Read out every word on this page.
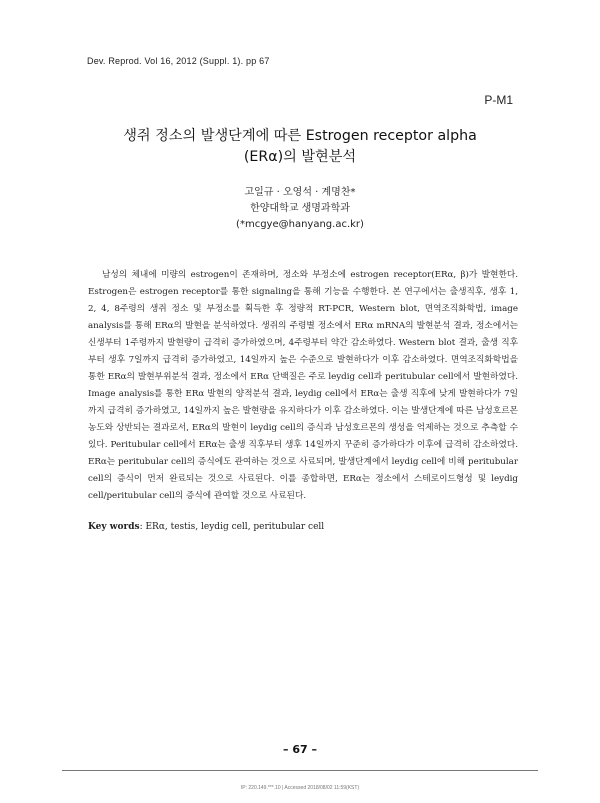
Dev. Reprod. Vol 16, 2012 (Suppl. 1). pp 67
P-M1
생쥐 정소의 발생단계에 따른 Estrogen receptor alpha
(ERα)의 발현분석
고일규 · 오영석 · 계명찬*
한양대학교 생명과학과
(*mcgye@hanyang.ac.kr)

남성의 체내에 미량의 estrogen이 존재하며, 정소와 부정소에 estrogen receptor(ERα, β)가 발현한다. Estrogen은 estrogen receptor를 통한 signaling을 통해 기능을 수행한다. 본 연구에서는 출생직후, 생후 1, 2, 4, 8주령의 생쥐 정소 및 부정소를 획득한 후 정량적 RT-PCR, Western blot, 면역조직화학법, image analysis를 통해 ERα의 발현을 분석하였다. 생쥐의 주령별 정소에서 ERα mRNA의 발현분석 결과, 정소에서는 신생부터 1주령까지 발현량이 급격히 증가하였으며, 4주령부터 약간 감소하였다. Western blot 결과, 출생 직후부터 생후 7일까지 급격히 증가하였고, 14일까지 높은 수준으로 발현하다가 이후 감소하였다. 면역조직화학법을 통한 ERα의 발현부위분석 결과, 정소에서 ERα 단백질은 주로 leydig cell과 peritubular cell에서 발현하였다. Image analysis를 통한 ERα 발현의 양적분석 결과, leydig cell에서 ERα는 출생 직후에 낮게 발현하다가 7일까지 급격히 증가하였고, 14일까지 높은 발현량을 유지하다가 이후 감소하였다. 이는 발생단계에 따른 남성호르몬 농도와 상반되는 결과로서, ERα의 발현이 leydig cell의 증식과 남성호르몬의 생성을 억제하는 것으로 추측할 수 있다. Peritubular cell에서 ERα는 출생 직후부터 생후 14일까지 꾸준히 증가하다가 이후에 급격히 감소하였다. ERα는 peritubular cell의 증식에도 관여하는 것으로 사료되며, 발생단계에서 leydig cell에 비해 peritubular cell의 증식이 먼저 완료되는 것으로 사료된다. 이를 종합하면, ERα는 정소에서 스테로이드형성 및 leydig cell/peritubular cell의 증식에 관여할 것으로 사료된다.

Key words: ERα, testis, leydig cell, peritubular cell
– 67 –
IP: 220.149.***.10 | Accessed 2018/08/02 11:59(KST)
